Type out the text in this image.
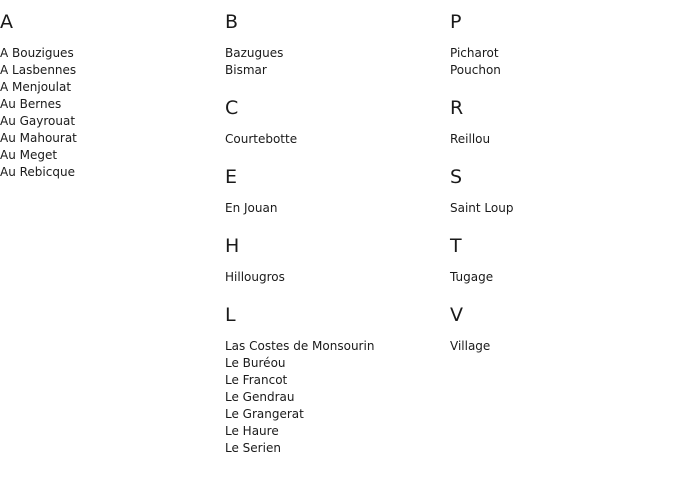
A
A Bouzigues
A Lasbennes
A Menjoulat
Au Bernes
Au Gayrouat
Au Mahourat
Au Meget
Au Rebicque
B
Bazugues
Bismar
C
Courtebotte
E
En Jouan
H
Hillougros
L
Las Costes de Monsourin
Le Buréou
Le Francot
Le Gendrau
Le Grangerat
Le Haure
Le Serien
P
Picharot
Pouchon
R
Reillou
S
Saint Loup
T
Tugage
V
Village
